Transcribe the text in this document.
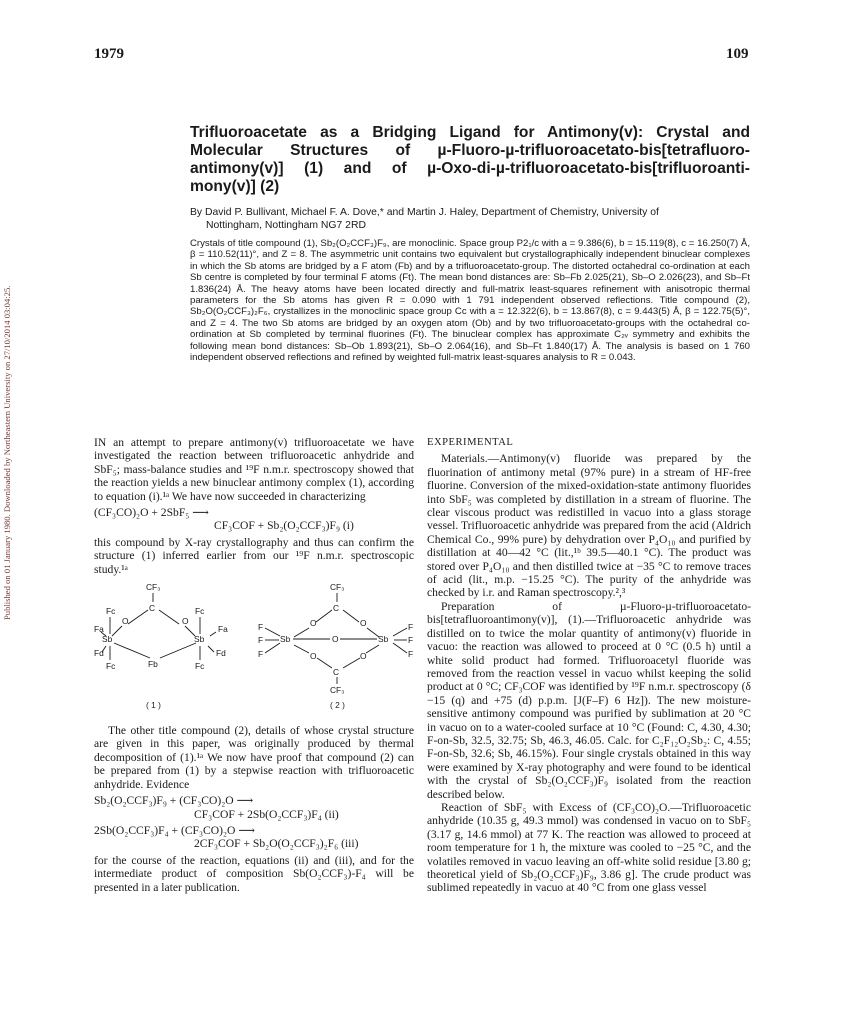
Published on 01 January 1980. Downloaded by Northeastern University on 27/10/2014 03:04:25.
1979	109
Trifluoroacetate as a Bridging Ligand for Antimony(v): Crystal and Molecular Structures of µ-Fluoro-µ-trifluoroacetato-bis[tetrafluoro-antimony(v)] (1) and of µ-Oxo-di-µ-trifluoroacetato-bis[trifluoroanti-mony(v)] (2)
By David P. Bullivant, Michael F. A. Dove,* and Martin J. Haley, Department of Chemistry, University of
Nottingham, Nottingham NG7 2RD

Crystals of title compound (1), Sb₂(O₂CCF₃)F₉, are monoclinic. Space group P2₁/c with a = 9.386(6), b = 15.119(8), c = 16.250(7) Å, β = 110.52(11)°, and Z = 8. The asymmetric unit contains two equivalent but crystallographically independent binuclear complexes in which the Sb atoms are bridged by a F atom (Fb) and by a trifluoroacetato-group. The distorted octahedral co-ordination at each Sb centre is completed by four terminal F atoms (Ft). The mean bond distances are: Sb–Fb 2.025(21), Sb–O 2.026(23), and Sb–Ft 1.836(24) Å. The heavy atoms have been located directly and full-matrix least-squares refinement with anisotropic thermal parameters for the Sb atoms has given R = 0.090 with 1 791 independent observed reflections. Title compound (2), Sb₂O(O₂CCF₃)₂F₆, crystallizes in the monoclinic space group Cc with a = 12.322(6), b = 13.867(8), c = 9.443(5) Å, β = 122.75(5)°, and Z = 4. The two Sb atoms are bridged by an oxygen atom (Ob) and by two trifluoroacetato-groups with the octahedral co-ordination at Sb completed by terminal fluorines (Ft). The binuclear complex has approximate C₂ᵥ symmetry and exhibits the following mean bond distances: Sb–Ob 1.893(21), Sb–O 2.064(16), and Sb–Ft 1.840(17) Å. The analysis is based on 1 760 independent observed reflections and refined by weighted full-matrix least-squares analysis to R = 0.043.

IN an attempt to prepare antimony(v) trifluoroacetate we have investigated the reaction between trifluoroacetic anhydride and SbF₅; mass-balance studies and ¹⁹F n.m.r. spectroscopy showed that the reaction yields a new binuclear antimony complex (1), according to equation (i).¹ᵃ We have now succeeded in characterizing

(CF₃CO)₂O + 2SbF₅ ⟶
CF₃COF + Sb₂(O₂CCF₃)F₉ (i)

this compound by X-ray crystallography and thus can confirm the structure (1) inferred earlier from our ¹⁹F n.m.r. spectroscopic study.¹ᵃ

CF₃
C
O	O
Sb	Sb
Fc	Fc
Fa	Fa
Fb
Fd	Fd
Fc	Fc
( 1 )
CF₃
C
O	O
Sb	Sb
O
F
F
F
F
F
F
O	O
C
CF₃
( 2 )

The other title compound (2), details of whose crystal structure are given in this paper, was originally produced by thermal decomposition of (1).¹ᵃ We now have proof that compound (2) can be prepared from (1) by a stepwise reaction with trifluoroacetic anhydride. Evidence

Sb₂(O₂CCF₃)F₉ + (CF₃CO)₂O ⟶
CF₃COF + 2Sb(O₂CCF₃)F₄ (ii)
2Sb(O₂CCF₃)F₄ + (CF₃CO)₂O ⟶
2CF₃COF + Sb₂O(O₂CCF₃)₂F₆ (iii)

for the course of the reaction, equations (ii) and (iii), and for the intermediate product of composition Sb(O₂CCF₃)-F₄ will be presented in a later publication.

EXPERIMENTAL

Materials.—Antimony(v) fluoride was prepared by the fluorination of antimony metal (97% pure) in a stream of HF-free fluorine. Conversion of the mixed-oxidation-state antimony fluorides into SbF₅ was completed by distillation in a stream of fluorine. The clear viscous product was redistilled in vacuo into a glass storage vessel. Trifluoroacetic anhydride was prepared from the acid (Aldrich Chemical Co., 99% pure) by dehydration over P₄O₁₀ and purified by distillation at 40—42 °C (lit.,¹ᵇ 39.5—40.1 °C). The product was stored over P₄O₁₀ and then distilled twice at −35 °C to remove traces of acid (lit., m.p. −15.25 °C). The purity of the anhydride was checked by i.r. and Raman spectroscopy.²,³

Preparation of µ-Fluoro-µ-trifluoroacetato-bis[tetrafluoroantimony(v)], (1).—Trifluoroacetic anhydride was distilled on to twice the molar quantity of antimony(v) fluoride in vacuo: the reaction was allowed to proceed at 0 °C (0.5 h) until a white solid product had formed. Trifluoroacetyl fluoride was removed from the reaction vessel in vacuo whilst keeping the solid product at 0 °C; CF₃COF was identified by ¹⁹F n.m.r. spectroscopy (δ −15 (q) and +75 (d) p.p.m. [J(F–F) 6 Hz]). The new moisture-sensitive antimony compound was purified by sublimation at 20 °C in vacuo on to a water-cooled surface at 10 °C (Found: C, 4.30, 4.30; F-on-Sb, 32.5, 32.75; Sb, 46.3, 46.05. Calc. for C₂F₁₂O₂Sb₂: C, 4.55; F-on-Sb, 32.6; Sb, 46.15%). Four single crystals obtained in this way were examined by X-ray photography and were found to be identical with the crystal of Sb₂(O₂CCF₃)F₉ isolated from the reaction described below.

Reaction of SbF₅ with Excess of (CF₃CO)₂O.—Trifluoroacetic anhydride (10.35 g, 49.3 mmol) was condensed in vacuo on to SbF₅ (3.17 g, 14.6 mmol) at 77 K. The reaction was allowed to proceed at room temperature for 1 h, the mixture was cooled to −25 °C, and the volatiles removed in vacuo leaving an off-white solid residue [3.80 g; theoretical yield of Sb₂(O₂CCF₃)F₉, 3.86 g]. The crude product was sublimed repeatedly in vacuo at 40 °C from one glass vessel
